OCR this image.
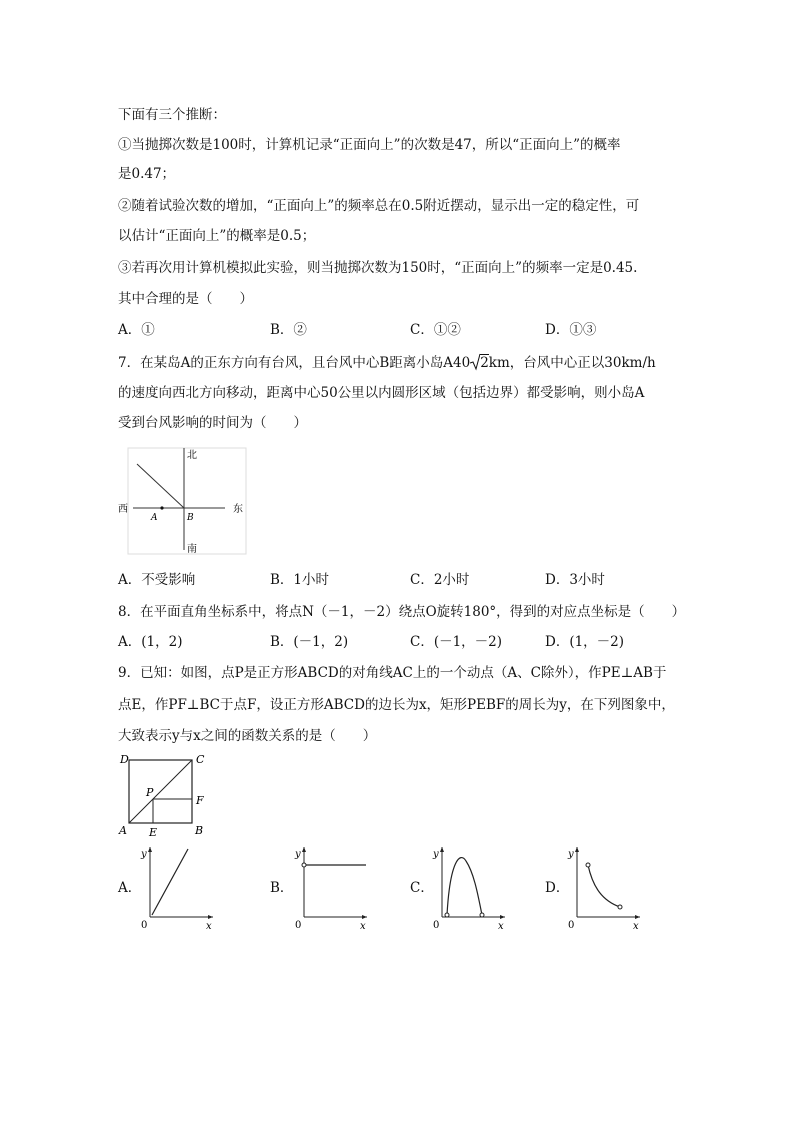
下面有三个推断：
①当抛掷次数是100时，计算机记录“正面向上”的次数是47，所以“正面向上”的概率
是0.47；
②随着试验次数的增加，“正面向上”的频率总在0.5附近摆动，显示出一定的稳定性，可
以估计“正面向上”的概率是0.5；
③若再次用计算机模拟此实验，则当抛掷次数为150时，“正面向上”的频率一定是0.45.
其中合理的是（　　）
A．①	B．②	C．①②	D．①③
7．在某岛A的正东方向有台风，且台风中心B距离小岛A40 2km，台风中心正以30km/h
的速度向西北方向移动，距离中心50公里以内圆形区域（包括边界）都受影响，则小岛A
受到台风影响的时间为（　　）
北
南
西	东
A	B
A．不受影响	B．1小时	C．2小时	D．3小时
8．在平面直角坐标系中，将点N（－1，－2）绕点O旋转180°，得到的对应点坐标是（　　）
A．(1，2)	B．(－1，2)	C．(－1，－2)	D．(1，－2)
9．已知：如图，点P是正方形ABCD的对角线AC上的一个动点（A、C除外），作PE⊥AB于
点E，作PF⊥BC于点F，设正方形ABCD的边长为x，矩形PEBF的周长为y，在下列图象中，
大致表示y与x之间的函数关系的是（　　）
D	C
A	B
P
F
E
A．
y
x
0
B．
y
x
0
C．
y
x
0
D．
y
x
0
